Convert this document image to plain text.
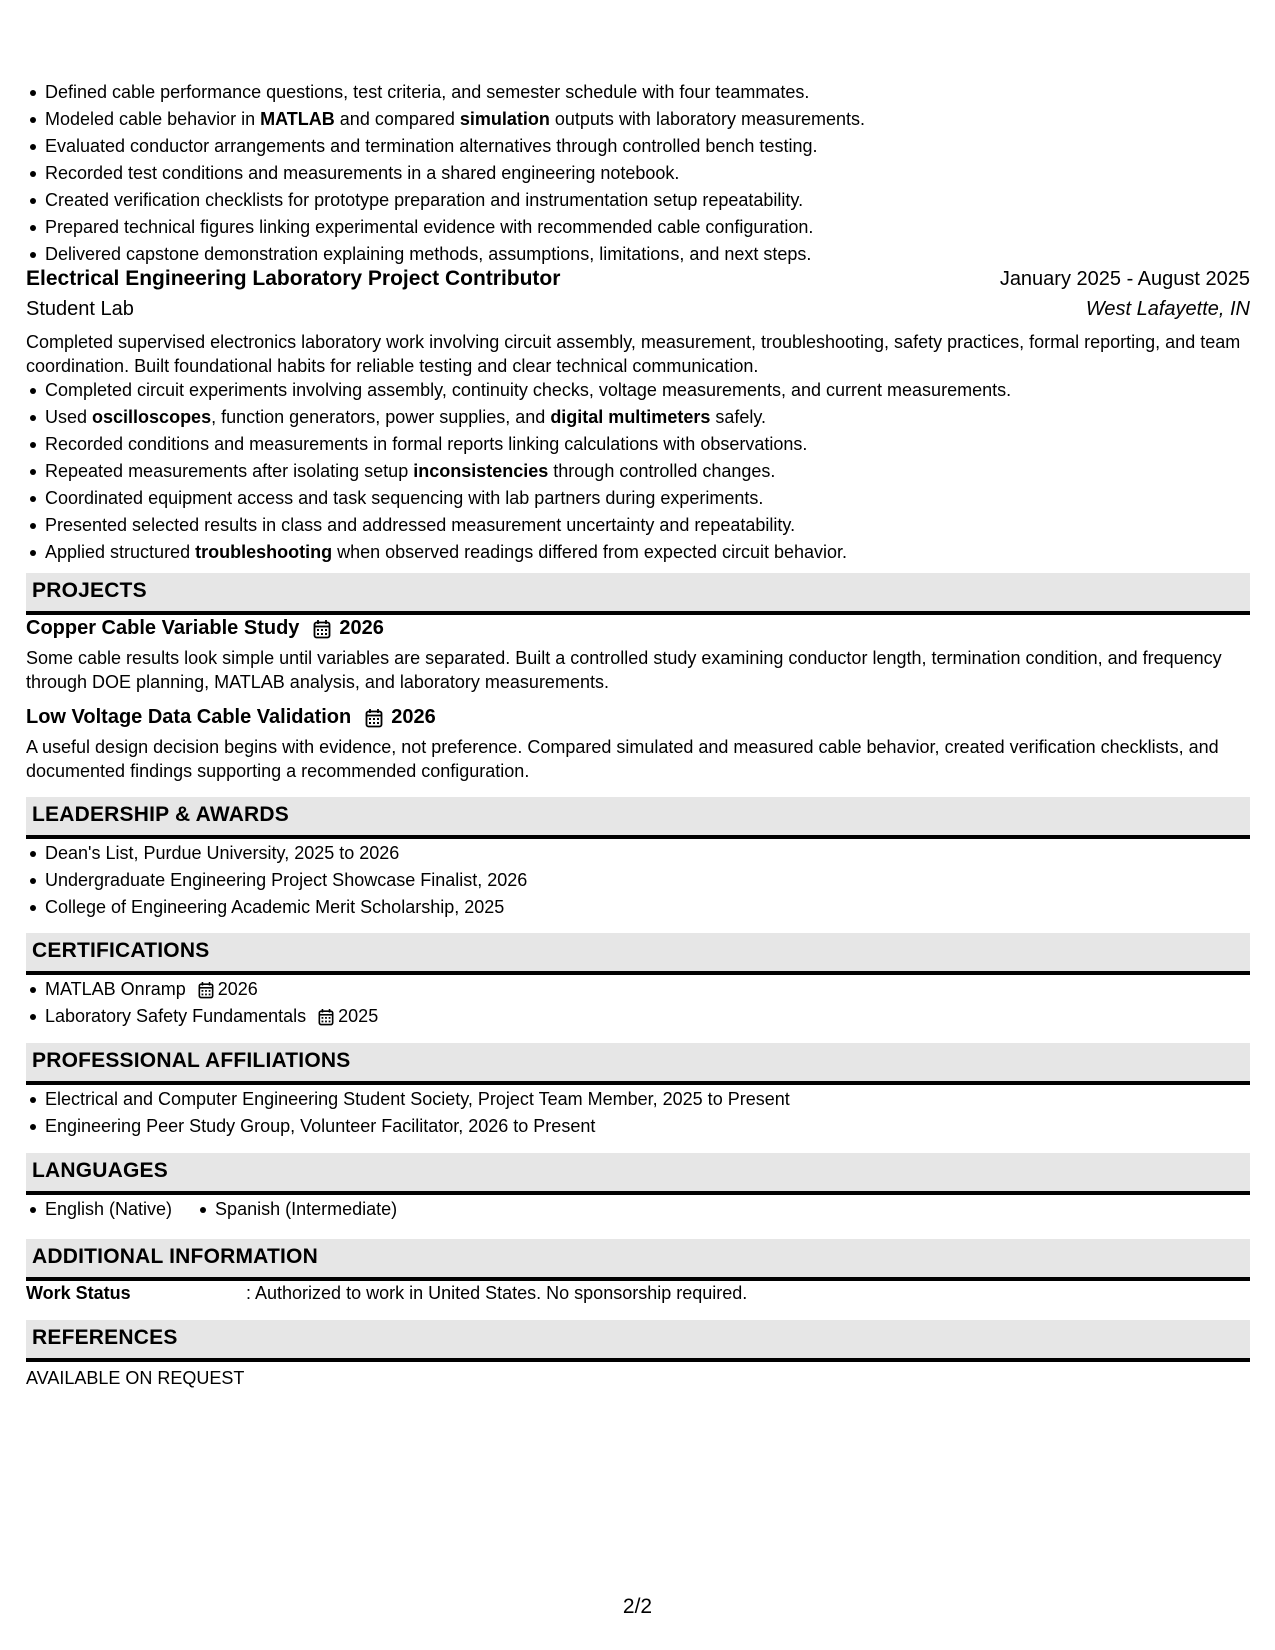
Defined cable performance questions, test criteria, and semester schedule with four teammates.
Modeled cable behavior in MATLAB and compared simulation outputs with laboratory measurements.
Evaluated conductor arrangements and termination alternatives through controlled bench testing.
Recorded test conditions and measurements in a shared engineering notebook.
Created verification checklists for prototype preparation and instrumentation setup repeatability.
Prepared technical figures linking experimental evidence with recommended cable configuration.
Delivered capstone demonstration explaining methods, assumptions, limitations, and next steps.
Electrical Engineering Laboratory Project Contributor	January 2025 - August 2025
Student Lab	West Lafayette, IN
Completed supervised electronics laboratory work involving circuit assembly, measurement, troubleshooting, safety practices, formal reporting, and team coordination. Built foundational habits for reliable testing and clear technical communication.
Completed circuit experiments involving assembly, continuity checks, voltage measurements, and current measurements.
Used oscilloscopes, function generators, power supplies, and digital multimeters safely.
Recorded conditions and measurements in formal reports linking calculations with observations.
Repeated measurements after isolating setup inconsistencies through controlled changes.
Coordinated equipment access and task sequencing with lab partners during experiments.
Presented selected results in class and addressed measurement uncertainty and repeatability.
Applied structured troubleshooting when observed readings differed from expected circuit behavior.
PROJECTS
Copper Cable Variable Study 2026
Some cable results look simple until variables are separated. Built a controlled study examining conductor length, termination condition, and frequency through DOE planning, MATLAB analysis, and laboratory measurements.
Low Voltage Data Cable Validation 2026
A useful design decision begins with evidence, not preference. Compared simulated and measured cable behavior, created verification checklists, and documented findings supporting a recommended configuration.
LEADERSHIP & AWARDS
Dean's List, Purdue University, 2025 to 2026
Undergraduate Engineering Project Showcase Finalist, 2026
College of Engineering Academic Merit Scholarship, 2025
CERTIFICATIONS
MATLAB Onramp 2026
Laboratory Safety Fundamentals 2025
PROFESSIONAL AFFILIATIONS
Electrical and Computer Engineering Student Society, Project Team Member, 2025 to Present
Engineering Peer Study Group, Volunteer Facilitator, 2026 to Present
LANGUAGES
English (Native)	Spanish (Intermediate)
ADDITIONAL INFORMATION
Work Status	: Authorized to work in United States. No sponsorship required.
REFERENCES
AVAILABLE ON REQUEST
2/2
